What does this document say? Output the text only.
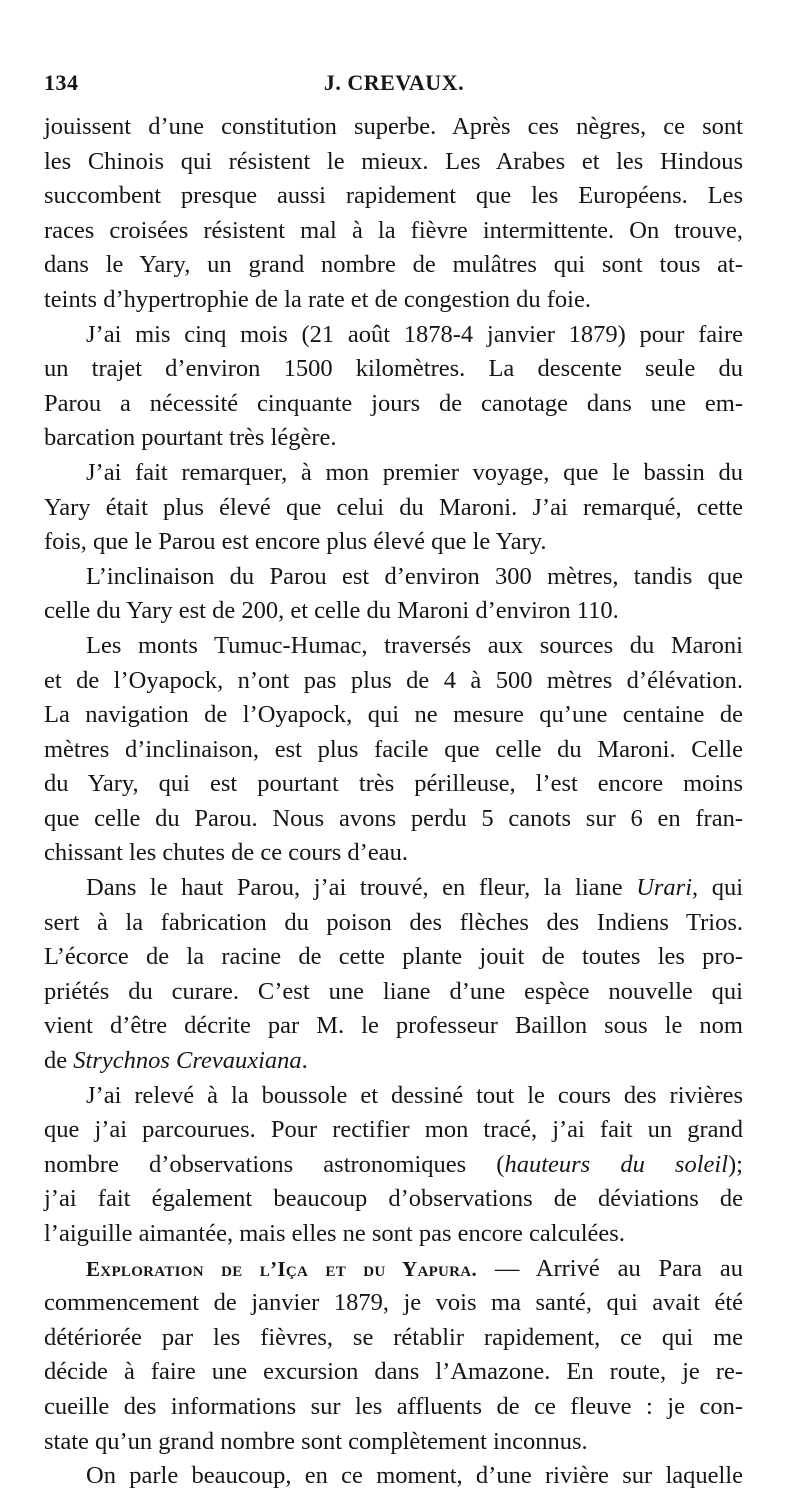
134	J. CREVAUX.
jouissent d’une constitution superbe. Après ces nègres, ce sont
les Chinois qui résistent le mieux. Les Arabes et les Hindous
succombent presque aussi rapidement que les Européens. Les
races croisées résistent mal à la fièvre intermittente. On trouve,
dans le Yary, un grand nombre de mulâtres qui sont tous at-
teints d’hypertrophie de la rate et de congestion du foie.
J’ai mis cinq mois (21 août 1878-4 janvier 1879) pour faire
un trajet d’environ 1500 kilomètres. La descente seule du
Parou a nécessité cinquante jours de canotage dans une em-
barcation pourtant très légère.
J’ai fait remarquer, à mon premier voyage, que le bassin du
Yary était plus élevé que celui du Maroni. J’ai remarqué, cette
fois, que le Parou est encore plus élevé que le Yary.
L’inclinaison du Parou est d’environ 300 mètres, tandis que
celle du Yary est de 200, et celle du Maroni d’environ 110.
Les monts Tumuc-Humac, traversés aux sources du Maroni
et de l’Oyapock, n’ont pas plus de 4 à 500 mètres d’élévation.
La navigation de l’Oyapock, qui ne mesure qu’une centaine de
mètres d’inclinaison, est plus facile que celle du Maroni. Celle
du Yary, qui est pourtant très périlleuse, l’est encore moins
que celle du Parou. Nous avons perdu 5 canots sur 6 en fran-
chissant les chutes de ce cours d’eau.
Dans le haut Parou, j’ai trouvé, en fleur, la liane Urari, qui
sert à la fabrication du poison des flèches des Indiens Trios.
L’écorce de la racine de cette plante jouit de toutes les pro-
priétés du curare. C’est une liane d’une espèce nouvelle qui
vient d’être décrite par M. le professeur Baillon sous le nom
de Strychnos Crevauxiana.
J’ai relevé à la boussole et dessiné tout le cours des rivières
que j’ai parcourues. Pour rectifier mon tracé, j’ai fait un grand
nombre d’observations astronomiques (hauteurs du soleil);
j’ai fait également beaucoup d’observations de déviations de
l’aiguille aimantée, mais elles ne sont pas encore calculées.
Exploration de l’Iça et du Yapura. — Arrivé au Para au
commencement de janvier 1879, je vois ma santé, qui avait été
détériorée par les fièvres, se rétablir rapidement, ce qui me
décide à faire une excursion dans l’Amazone. En route, je re-
cueille des informations sur les affluents de ce fleuve : je con-
state qu’un grand nombre sont complètement inconnus.
On parle beaucoup, en ce moment, d’une rivière sur laquelle
